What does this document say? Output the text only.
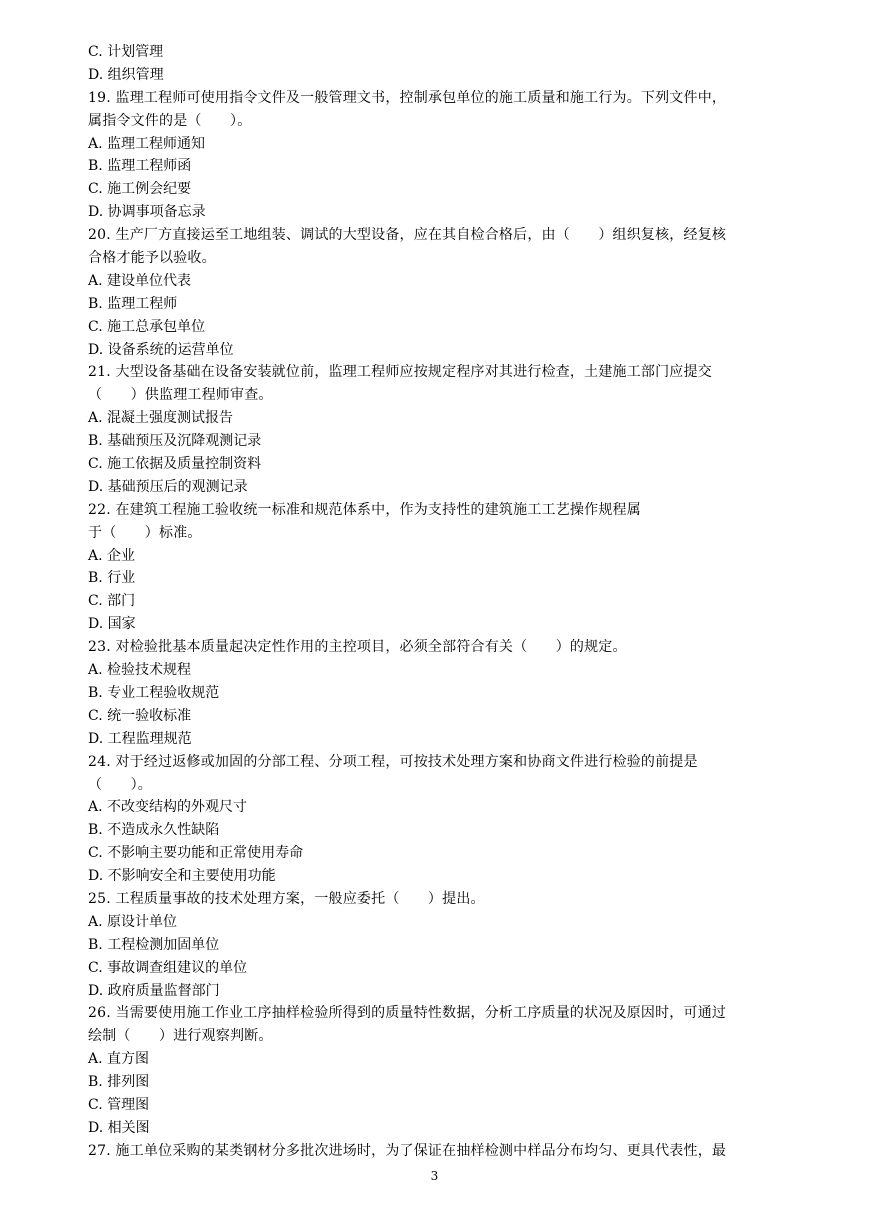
C. 计划管理
D. 组织管理
19. 监理工程师可使用指令文件及一般管理文书，控制承包单位的施工质量和施工行为。下列文件中，
属指令文件的是（　　）。
A. 监理工程师通知
B. 监理工程师函
C. 施工例会纪要
D. 协调事项备忘录
20. 生产厂方直接运至工地组装、调试的大型设备，应在其自检合格后，由（　　）组织复核，经复核
合格才能予以验收。
A. 建设单位代表
B. 监理工程师
C. 施工总承包单位
D. 设备系统的运营单位
21. 大型设备基础在设备安装就位前，监理工程师应按规定程序对其进行检查，土建施工部门应提交
（　　）供监理工程师审查。
A. 混凝土强度测试报告
B. 基础预压及沉降观测记录
C. 施工依据及质量控制资料
D. 基础预压后的观测记录
22. 在建筑工程施工验收统一标准和规范体系中，作为支持性的建筑施工工艺操作规程属
于（　　）标准。
A. 企业
B. 行业
C. 部门
D. 国家
23. 对检验批基本质量起决定性作用的主控项目，必须全部符合有关（　　）的规定。
A. 检验技术规程
B. 专业工程验收规范
C. 统一验收标准
D. 工程监理规范
24. 对于经过返修或加固的分部工程、分项工程，可按技术处理方案和协商文件进行检验的前提是
（　　）。
A. 不改变结构的外观尺寸
B. 不造成永久性缺陷
C. 不影响主要功能和正常使用寿命
D. 不影响安全和主要使用功能
25. 工程质量事故的技术处理方案，一般应委托（　　）提出。
A. 原设计单位
B. 工程检测加固单位
C. 事故调查组建议的单位
D. 政府质量监督部门
26. 当需要使用施工作业工序抽样检验所得到的质量特性数据，分析工序质量的状况及原因时，可通过
绘制（　　）进行观察判断。
A. 直方图
B. 排列图
C. 管理图
D. 相关图
27. 施工单位采购的某类钢材分多批次进场时，为了保证在抽样检测中样品分布均匀、更具代表性，最
3
